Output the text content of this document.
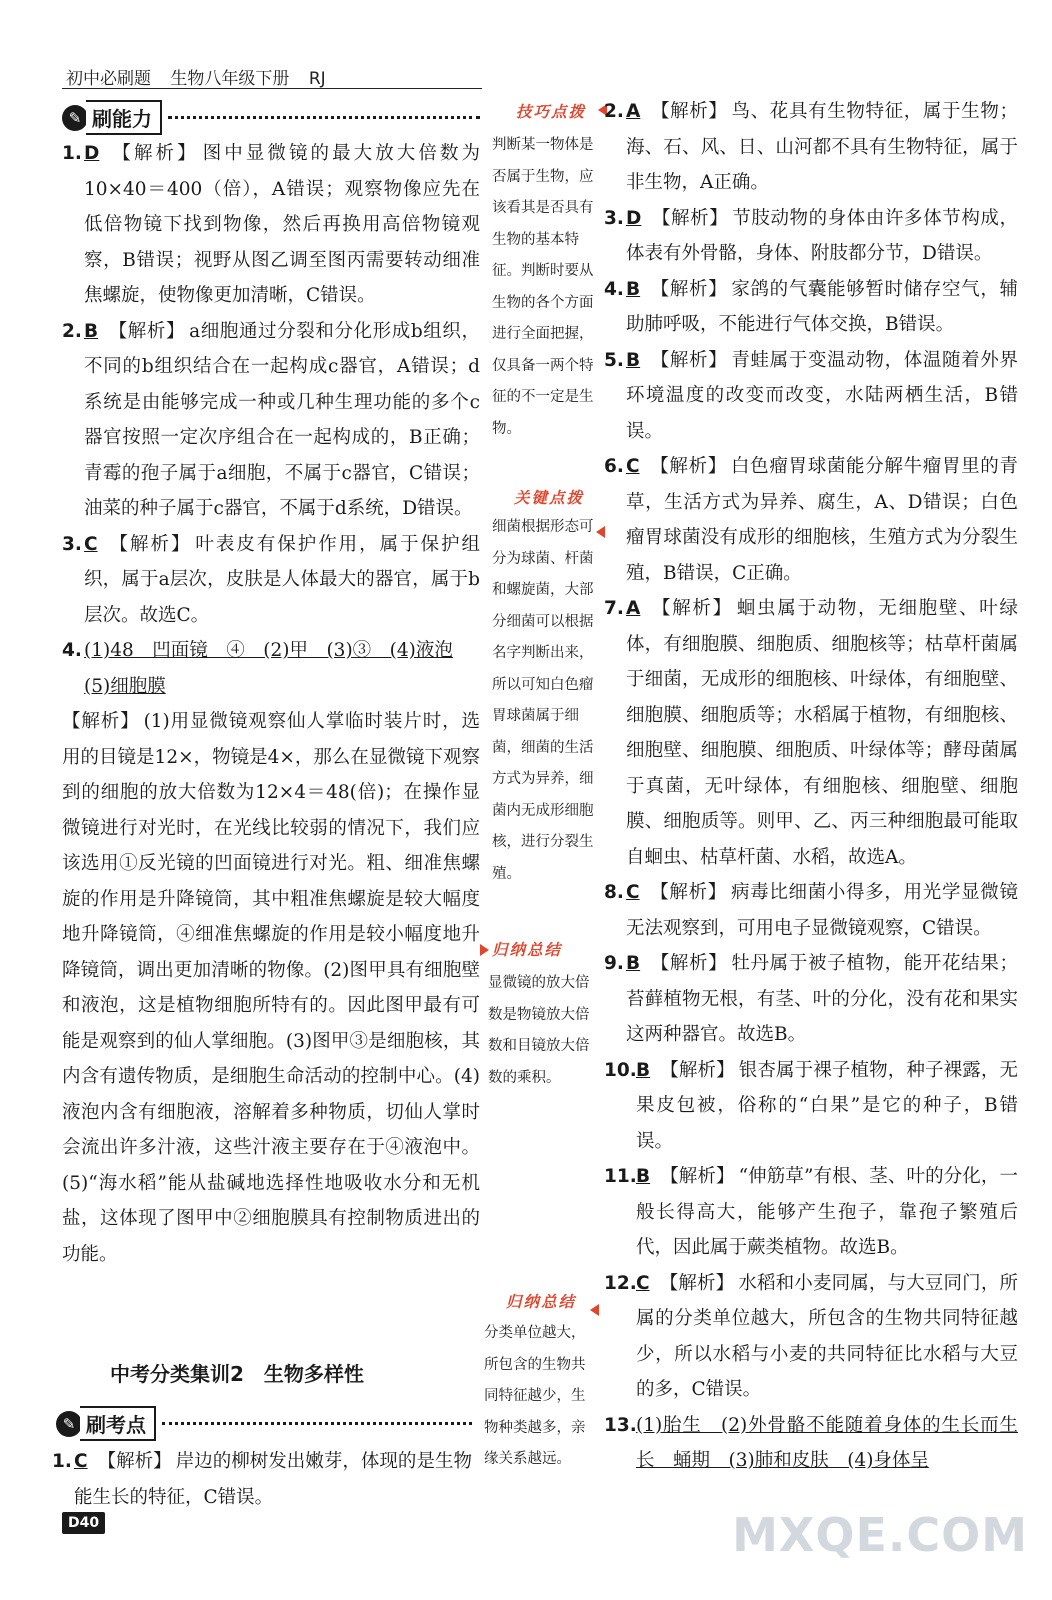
初中必刷题 生物八年级下册 RJ
✎ 刷能力
1. D 【解析】 图中显微镜的最大放大倍数为10×40＝400（倍），A错误；观察物像应先在低倍物镜下找到物像，然后再换用高倍物镜观察，B错误；视野从图乙调至图丙需要转动细准焦螺旋，使物像更加清晰，C错误。
2. B 【解析】 a细胞通过分裂和分化形成b组织，不同的b组织结合在一起构成c器官，A错误；d系统是由能够完成一种或几种生理功能的多个c器官按照一定次序组合在一起构成的，B正确；青霉的孢子属于a细胞，不属于c器官，C错误；油菜的种子属于c器官，不属于d系统，D错误。
3. C 【解析】 叶表皮有保护作用，属于保护组织，属于a层次，皮肤是人体最大的器官，属于b层次。故选C。
4. (1)48　凹面镜　④　(2)甲　(3)③　(4)液泡
(5)细胞膜
【解析】 (1)用显微镜观察仙人掌临时装片时，选用的目镜是12×，物镜是4×，那么在显微镜下观察到的细胞的放大倍数为12×4＝48(倍)；在操作显微镜进行对光时，在光线比较弱的情况下，我们应该选用①反光镜的凹面镜进行对光。粗、细准焦螺旋的作用是升降镜筒，其中粗准焦螺旋是较大幅度地升降镜筒，④细准焦螺旋的作用是较小幅度地升降镜筒，调出更加清晰的物像。(2)图甲具有细胞壁和液泡，这是植物细胞所特有的。因此图甲最有可能是观察到的仙人掌细胞。(3)图甲③是细胞核，其内含有遗传物质，是细胞生命活动的控制中心。(4)液泡内含有细胞液，溶解着多种物质，切仙人掌时会流出许多汁液，这些汁液主要存在于④液泡中。(5)“海水稻”能从盐碱地选择性地吸收水分和无机盐，这体现了图甲中②细胞膜具有控制物质进出的功能。
中考分类集训2　生物多样性
✎ 刷考点
1. C 【解析】 岸边的柳树发出嫩芽，体现的是生物能生长的特征，C错误。
技巧点拨
判断某一物体是否属于生物，应该看其是否具有生物的基本特征。判断时要从生物的各个方面进行全面把握，仅具备一两个特征的不一定是生物。
关键点拨
细菌根据形态可分为球菌、杆菌和螺旋菌，大部分细菌可以根据名字判断出来，所以可知白色瘤胃球菌属于细菌，细菌的生活方式为异养，细菌内无成形细胞核，进行分裂生殖。
归纳总结
显微镜的放大倍数是物镜放大倍数和目镜放大倍数的乘积。
归纳总结
分类单位越大，所包含的生物共同特征越少，生物种类越多，亲缘关系越远。
2. A 【解析】 鸟、花具有生物特征，属于生物；海、石、风、日、山河都不具有生物特征，属于非生物，A正确。
3. D 【解析】 节肢动物的身体由许多体节构成，体表有外骨骼，身体、附肢都分节，D错误。
4. B 【解析】 家鸽的气囊能够暂时储存空气，辅助肺呼吸，不能进行气体交换，B错误。
5. B 【解析】 青蛙属于变温动物，体温随着外界环境温度的改变而改变，水陆两栖生活，B错误。
6. C 【解析】 白色瘤胃球菌能分解牛瘤胃里的青草，生活方式为异养、腐生，A、D错误；白色瘤胃球菌没有成形的细胞核，生殖方式为分裂生殖，B错误，C正确。
7. A 【解析】 蛔虫属于动物，无细胞壁、叶绿体，有细胞膜、细胞质、细胞核等；枯草杆菌属于细菌，无成形的细胞核、叶绿体，有细胞壁、细胞膜、细胞质等；水稻属于植物，有细胞核、细胞壁、细胞膜、细胞质、叶绿体等；酵母菌属于真菌，无叶绿体，有细胞核、细胞壁、细胞膜、细胞质等。则甲、乙、丙三种细胞最可能取自蛔虫、枯草杆菌、水稻，故选A。
8. C 【解析】 病毒比细菌小得多，用光学显微镜无法观察到，可用电子显微镜观察，C错误。
9. B 【解析】 牡丹属于被子植物，能开花结果；苔藓植物无根，有茎、叶的分化，没有花和果实这两种器官。故选B。
10. B 【解析】 银杏属于裸子植物，种子裸露，无果皮包被，俗称的“白果”是它的种子，B错误。
11. B 【解析】 “伸筋草”有根、茎、叶的分化，一般长得高大，能够产生孢子，靠孢子繁殖后代，因此属于蕨类植物。故选B。
12. C 【解析】 水稻和小麦同属，与大豆同门，所属的分类单位越大，所包含的生物共同特征越少，所以水稻与小麦的共同特征比水稻与大豆的多，C错误。
13. (1)胎生　(2)外骨骼不能随着身体的生长而生长　蛹期　(3)肺和皮肤　(4)身体呈
D40	MXQE.COM
